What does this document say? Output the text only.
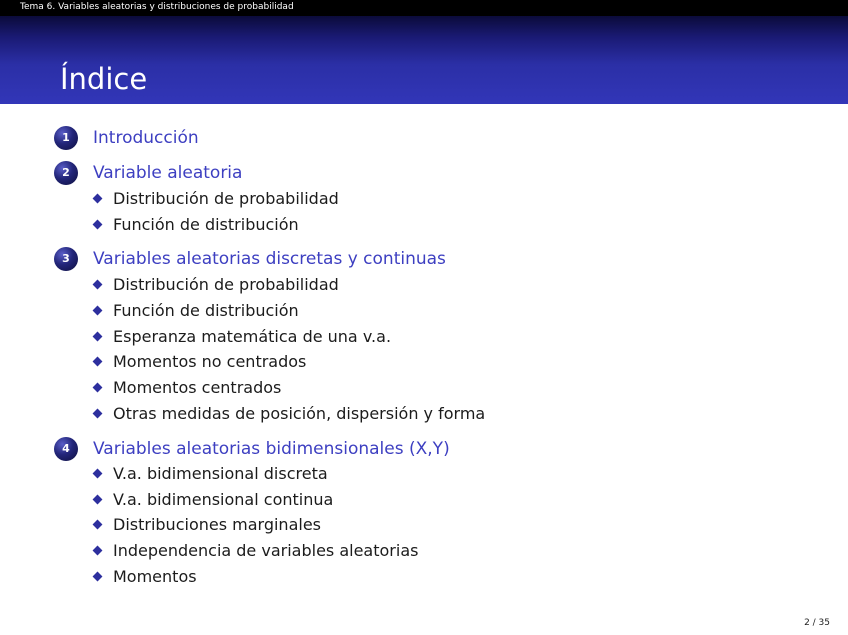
Tema 6. Variables aleatorias y distribuciones de probabilidad
Índice
1	Introducción
2	Variable aleatoria
Distribución de probabilidad
Función de distribución
3	Variables aleatorias discretas y continuas
Distribución de probabilidad
Función de distribución
Esperanza matemática de una v.a.
Momentos no centrados
Momentos centrados
Otras medidas de posición, dispersión y forma
4	Variables aleatorias bidimensionales (X,Y)
V.a. bidimensional discreta
V.a. bidimensional continua
Distribuciones marginales
Independencia de variables aleatorias
Momentos
2 / 35
